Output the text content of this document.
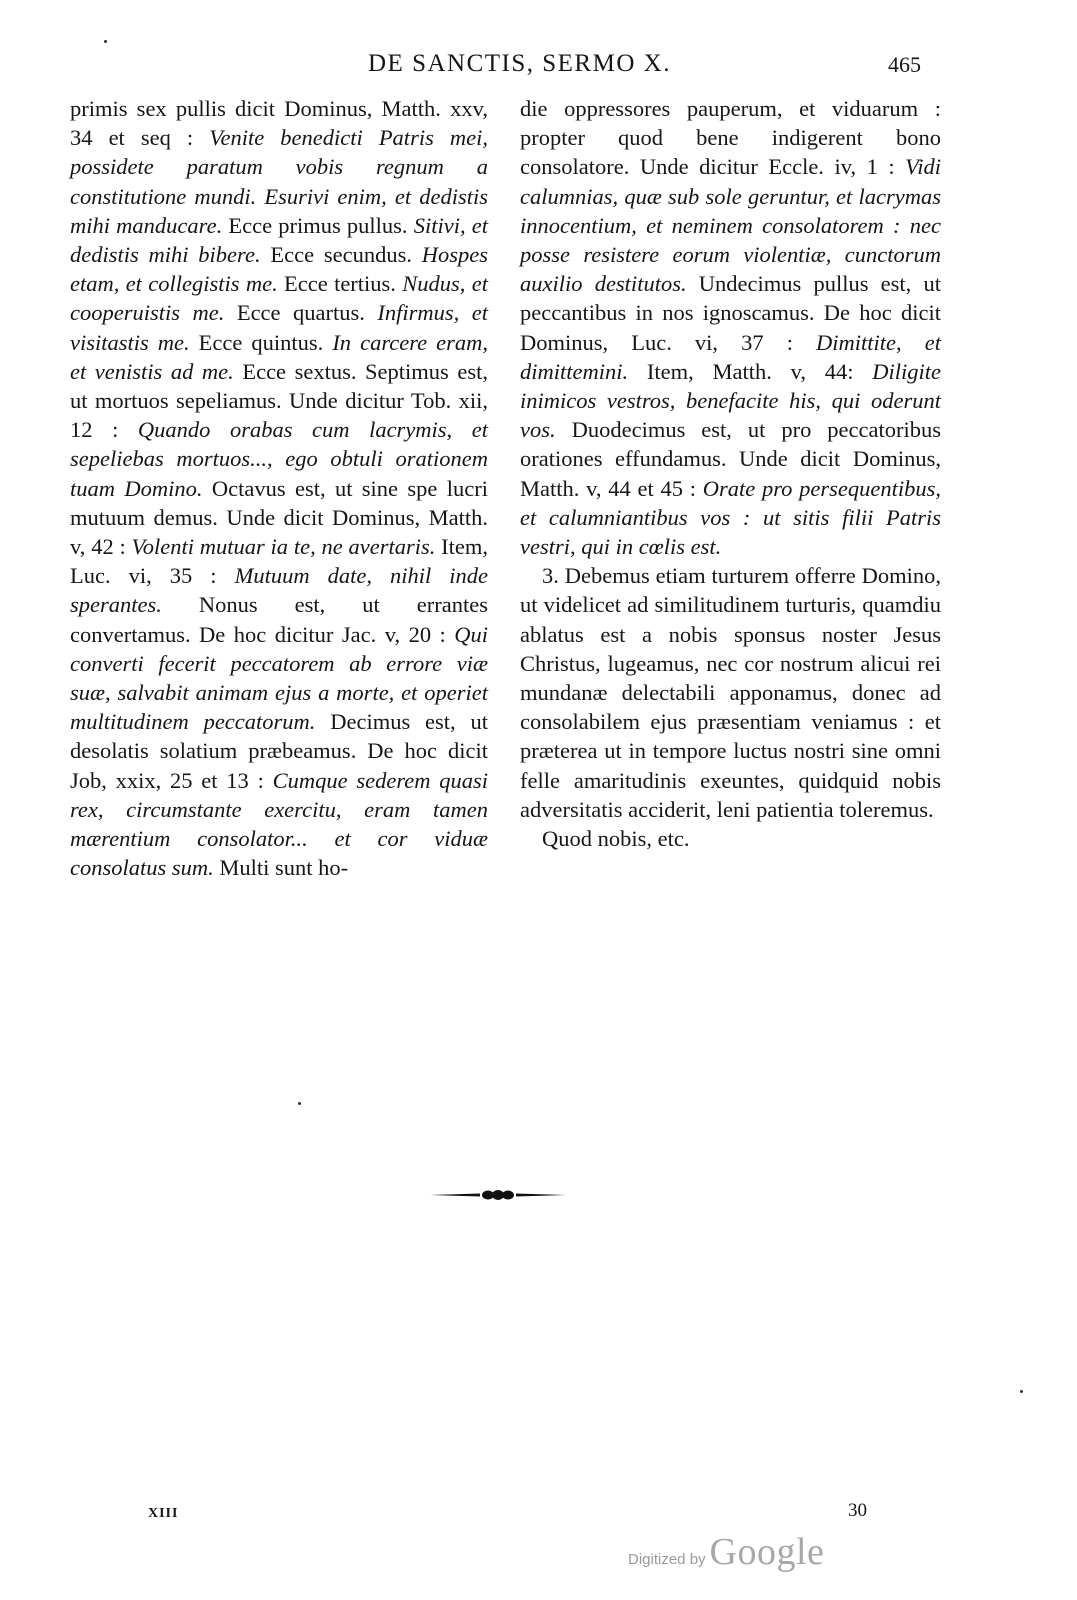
DE SANCTIS, SERMO X.	465

primis sex pullis dicit Dominus, Matth. xxv, 34 et seq : Venite benedicti Patris mei, possidete paratum vobis regnum a constitutione mundi. Esurivi enim, et dedistis mihi manducare. Ecce primus pullus. Sitivi, et dedistis mihi bibere. Ecce secundus. Hospes etam, et collegistis me. Ecce tertius. Nudus, et cooperuistis me. Ecce quartus. Infirmus, et visitastis me. Ecce quintus. In carcere eram, et venistis ad me. Ecce sextus. Septimus est, ut mortuos sepeliamus. Unde dicitur Tob. xii, 12 : Quando orabas cum lacrymis, et sepeliebas mortuos..., ego obtuli orationem tuam Domino. Octavus est, ut sine spe lucri mutuum demus. Unde dicit Dominus, Matth. v, 42 : Volenti mutuar ia te, ne avertaris. Item, Luc. vi, 35 : Mutuum date, nihil inde sperantes. Nonus est, ut errantes convertamus. De hoc dicitur Jac. v, 20 : Qui converti fecerit peccatorem ab errore viæ suæ, salvabit animam ejus a morte, et operiet multitudinem peccatorum. Decimus est, ut desolatis solatium præbeamus. De hoc dicit Job, xxix, 25 et 13 : Cumque sederem quasi rex, circumstante exercitu, eram tamen mærentium consolator... et cor viduæ consolatus sum. Multi sunt ho-

die oppressores pauperum, et viduarum : propter quod bene indigerent bono consolatore. Unde dicitur Eccle. iv, 1 : Vidi calumnias, quæ sub sole geruntur, et lacrymas innocentium, et neminem consolatorem : nec posse resistere eorum violentiæ, cunctorum auxilio destitutos. Undecimus pullus est, ut peccantibus in nos ignoscamus. De hoc dicit Dominus, Luc. vi, 37 : Dimittite, et dimittemini. Item, Matth. v, 44: Diligite inimicos vestros, benefacite his, qui oderunt vos. Duodecimus est, ut pro peccatoribus orationes effundamus. Unde dicit Dominus, Matth. v, 44 et 45 : Orate pro persequentibus, et calumniantibus vos : ut sitis filii Patris vestri, qui in cœlis est.

3. Debemus etiam turturem offerre Domino, ut videlicet ad similitudinem turturis, quamdiu ablatus est a nobis sponsus noster Jesus Christus, lugeamus, nec cor nostrum alicui rei mundanæ delectabili apponamus, donec ad consolabilem ejus præsentiam veniamus : et præterea ut in tempore luctus nostri sine omni felle amaritudinis exeuntes, quidquid nobis adversitatis acciderit, leni patientia toleremus.

Quod nobis, etc.

XIII	30
Digitized by Google
